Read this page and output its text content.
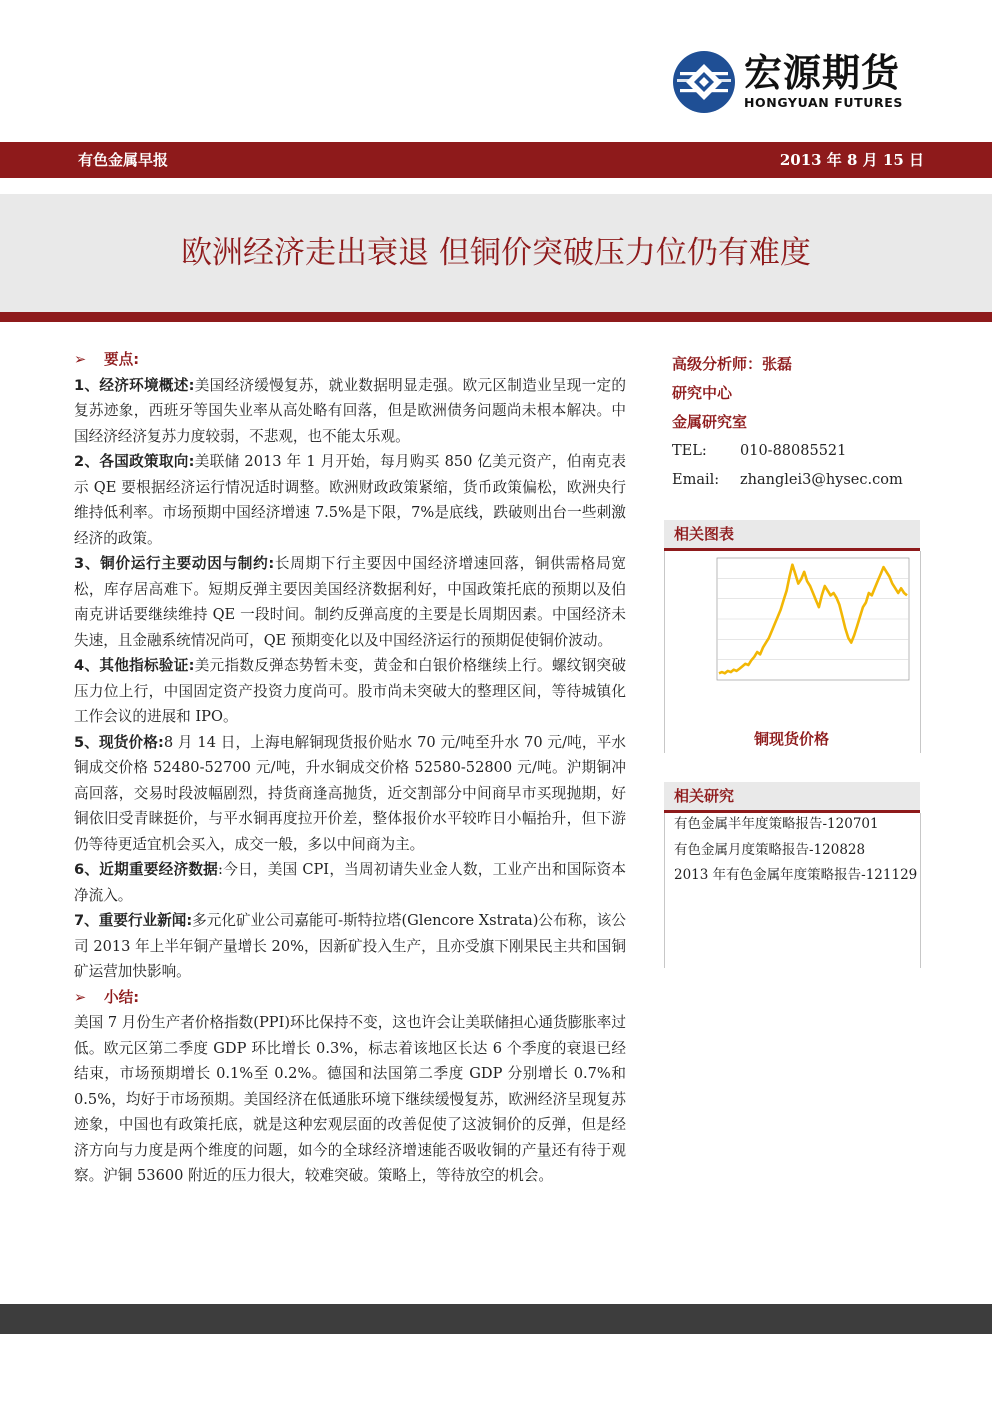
宏源期货
HONGYUAN FUTURES
有色金属早报	2013 年 8 月 15 日
欧洲经济走出衰退 但铜价突破压力位仍有难度

➢ 要点:

1、经济环境概述:美国经济缓慢复苏，就业数据明显走强。欧元区制造业呈现一定的复苏迹象，西班牙等国失业率从高处略有回落，但是欧洲债务问题尚未根本解决。中国经济经济复苏力度较弱，不悲观，也不能太乐观。

2、各国政策取向:美联储 2013 年 1 月开始，每月购买 850 亿美元资产，伯南克表示 QE 要根据经济运行情况适时调整。欧洲财政政策紧缩，货币政策偏松，欧洲央行维持低利率。市场预期中国经济增速 7.5%是下限，7%是底线，跌破则出台一些刺激经济的政策。

3、铜价运行主要动因与制约:长周期下行主要因中国经济增速回落，铜供需格局宽松，库存居高难下。短期反弹主要因美国经济数据利好，中国政策托底的预期以及伯南克讲话要继续维持 QE 一段时间。制约反弹高度的主要是长周期因素。中国经济未失速，且金融系统情况尚可，QE 预期变化以及中国经济运行的预期促使铜价波动。

4、其他指标验证:美元指数反弹态势暂未变，黄金和白银价格继续上行。螺纹钢突破压力位上行，中国固定资产投资力度尚可。股市尚未突破大的整理区间，等待城镇化工作会议的进展和 IPO。

5、现货价格:8 月 14 日，上海电解铜现货报价贴水 70 元/吨至升水 70 元/吨，平水铜成交价格 52480-52700 元/吨，升水铜成交价格 52580-52800 元/吨。沪期铜冲高回落，交易时段波幅剧烈，持货商逢高抛货，近交割部分中间商早市买现抛期，好铜依旧受青睐挺价，与平水铜再度拉开价差，整体报价水平较昨日小幅抬升，但下游仍等待更适宜机会买入，成交一般，多以中间商为主。

6、近期重要经济数据:今日，美国 CPI，当周初请失业金人数，工业产出和国际资本净流入。

7、重要行业新闻:多元化矿业公司嘉能可-斯特拉塔(Glencore Xstrata)公布称，该公司 2013 年上半年铜产量增长 20%，因新矿投入生产，且亦受旗下刚果民主共和国铜矿运营加快影响。

➢ 小结:

美国 7 月份生产者价格指数(PPI)环比保持不变，这也许会让美联储担心通货膨胀率过低。欧元区第二季度 GDP 环比增长 0.3%，标志着该地区长达 6 个季度的衰退已经结束，市场预期增长 0.1%至 0.2%。德国和法国第二季度 GDP 分别增长 0.7%和 0.5%，均好于市场预期。美国经济在低通胀环境下继续缓慢复苏，欧洲经济呈现复苏迹象，中国也有政策托底，就是这种宏观层面的改善促使了这波铜价的反弹，但是经济方向与力度是两个维度的问题，如今的全球经济增速能否吸收铜的产量还有待于观察。沪铜 53600 附近的压力很大，较难突破。策略上，等待放空的机会。

高级分析师：张磊
研究中心
金属研究室
TEL: 010-88085521
Email: zhanglei3@hysec.com
相关图表
铜现货价格
相关研究
有色金属半年度策略报告-120701
有色金属月度策略报告-120828
2013 年有色金属年度策略报告-121129
